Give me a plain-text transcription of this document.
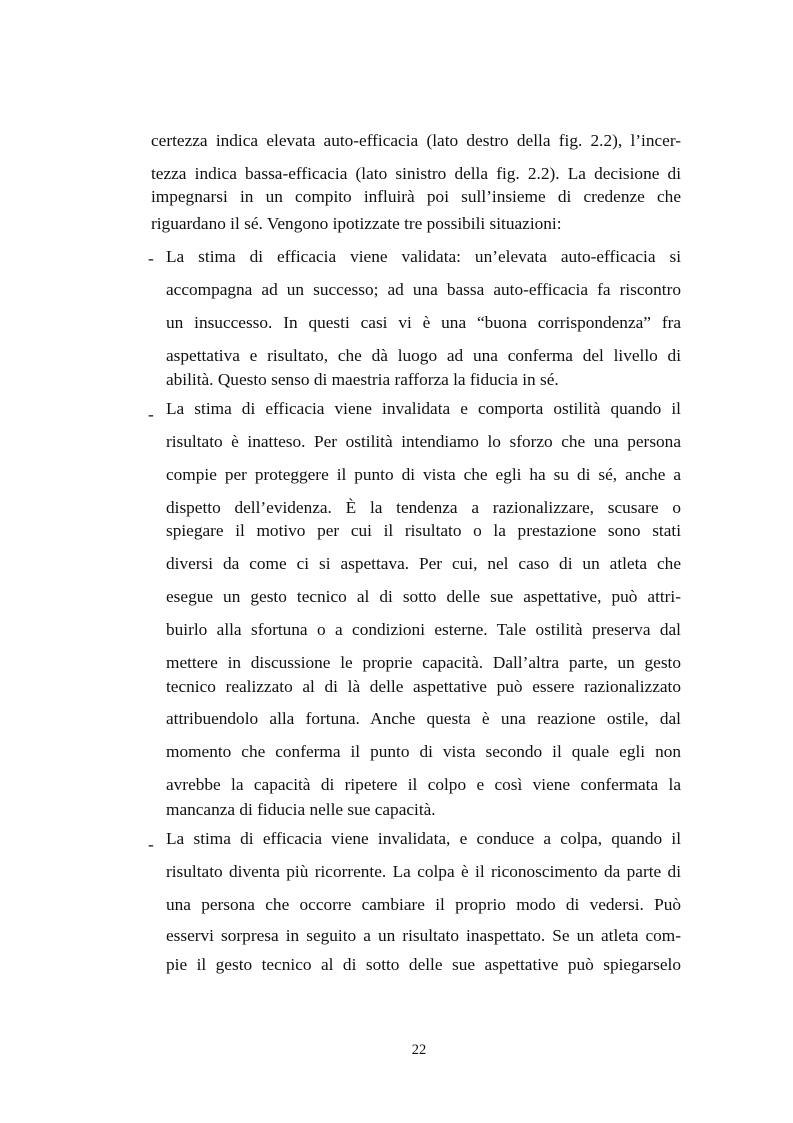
certezza indica elevata auto-efficacia (lato destro della fig. 2.2), l’incer-
tezza indica bassa-efficacia (lato sinistro della fig. 2.2). La decisione di
impegnarsi in un compito influirà poi sull’insieme di credenze che
riguardano il sé. Vengono ipotizzate tre possibili situazioni:
- La stima di efficacia viene validata: un’elevata auto-efficacia si
accompagna ad un successo; ad una bassa auto-efficacia fa riscontro
un insuccesso. In questi casi vi è una “buona corrispondenza” fra
aspettativa e risultato, che dà luogo ad una conferma del livello di
abilità. Questo senso di maestria rafforza la fiducia in sé.
- La stima di efficacia viene invalidata e comporta ostilità quando il
risultato è inatteso. Per ostilità intendiamo lo sforzo che una persona
compie per proteggere il punto di vista che egli ha su di sé, anche a
dispetto dell’evidenza. È la tendenza a razionalizzare, scusare o
spiegare il motivo per cui il risultato o la prestazione sono stati
diversi da come ci si aspettava. Per cui, nel caso di un atleta che
esegue un gesto tecnico al di sotto delle sue aspettative, può attri-
buirlo alla sfortuna o a condizioni esterne. Tale ostilità preserva dal
mettere in discussione le proprie capacità. Dall’altra parte, un gesto
tecnico realizzato al di là delle aspettative può essere razionalizzato
attribuendolo alla fortuna. Anche questa è una reazione ostile, dal
momento che conferma il punto di vista secondo il quale egli non
avrebbe la capacità di ripetere il colpo e così viene confermata la
mancanza di fiducia nelle sue capacità.
- La stima di efficacia viene invalidata, e conduce a colpa, quando il
risultato diventa più ricorrente. La colpa è il riconoscimento da parte di
una persona che occorre cambiare il proprio modo di vedersi. Può
esservi sorpresa in seguito a un risultato inaspettato. Se un atleta com-
pie il gesto tecnico al di sotto delle sue aspettative può spiegarselo
22
